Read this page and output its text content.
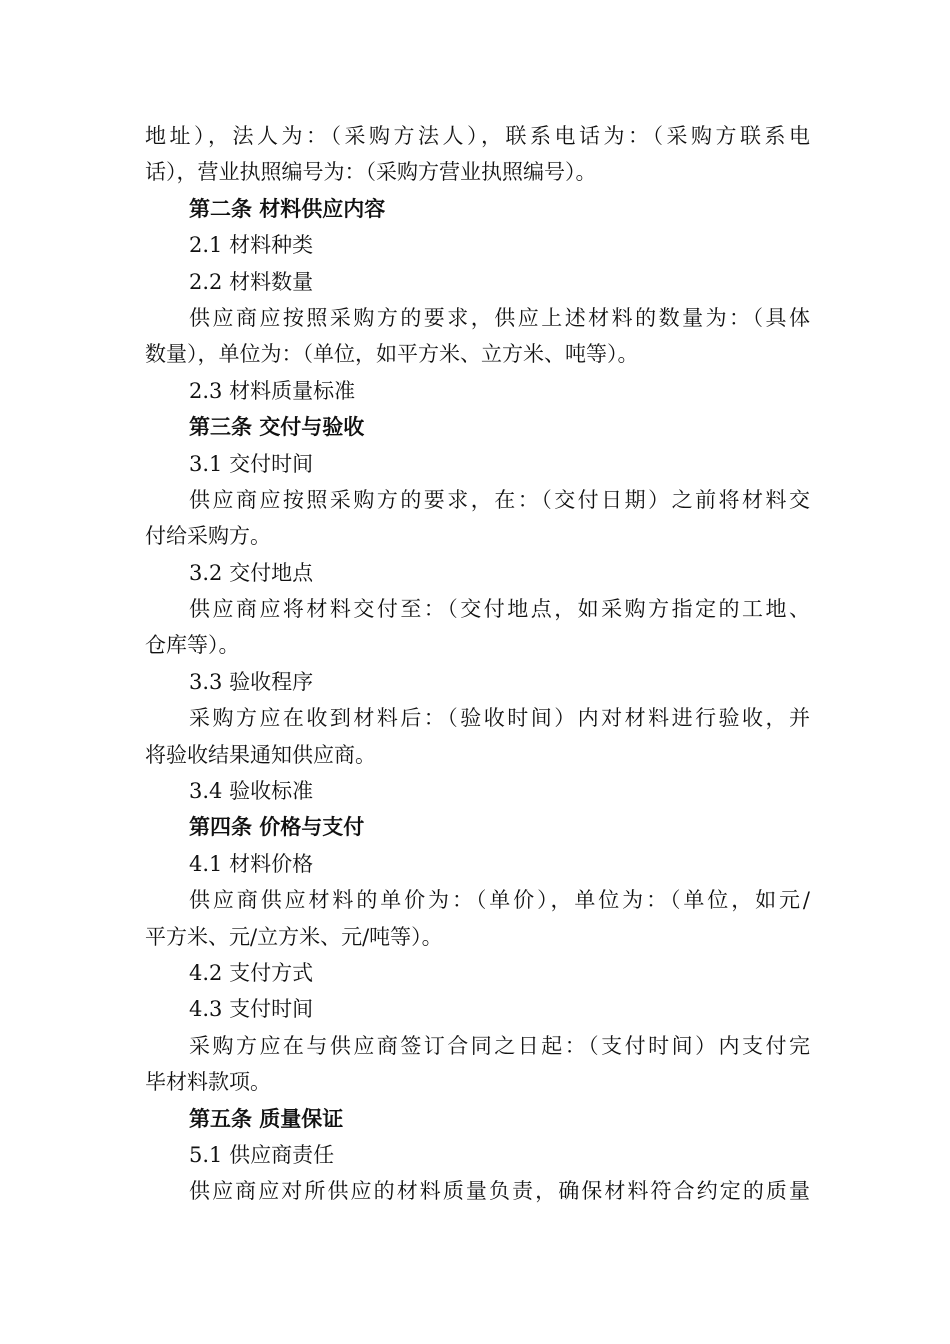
地址），法人为：（采购方法人），联系电话为：（采购方联系电
话），营业执照编号为：（采购方营业执照编号）。
第二条 材料供应内容
2.1 材料种类
2.2 材料数量
供应商应按照采购方的要求，供应上述材料的数量为：（具体
数量），单位为：（单位，如平方米、立方米、吨等）。
2.3 材料质量标准
第三条 交付与验收
3.1 交付时间
供应商应按照采购方的要求，在：（交付日期）之前将材料交
付给采购方。
3.2 交付地点
供应商应将材料交付至：（交付地点，如采购方指定的工地、
仓库等）。
3.3 验收程序
采购方应在收到材料后：（验收时间）内对材料进行验收，并
将验收结果通知供应商。
3.4 验收标准
第四条 价格与支付
4.1 材料价格
供应商供应材料的单价为：（单价），单位为：（单位，如元/
平方米、元/立方米、元/吨等）。
4.2 支付方式
4.3 支付时间
采购方应在与供应商签订合同之日起：（支付时间）内支付完
毕材料款项。
第五条 质量保证
5.1 供应商责任
供应商应对所供应的材料质量负责，确保材料符合约定的质量
